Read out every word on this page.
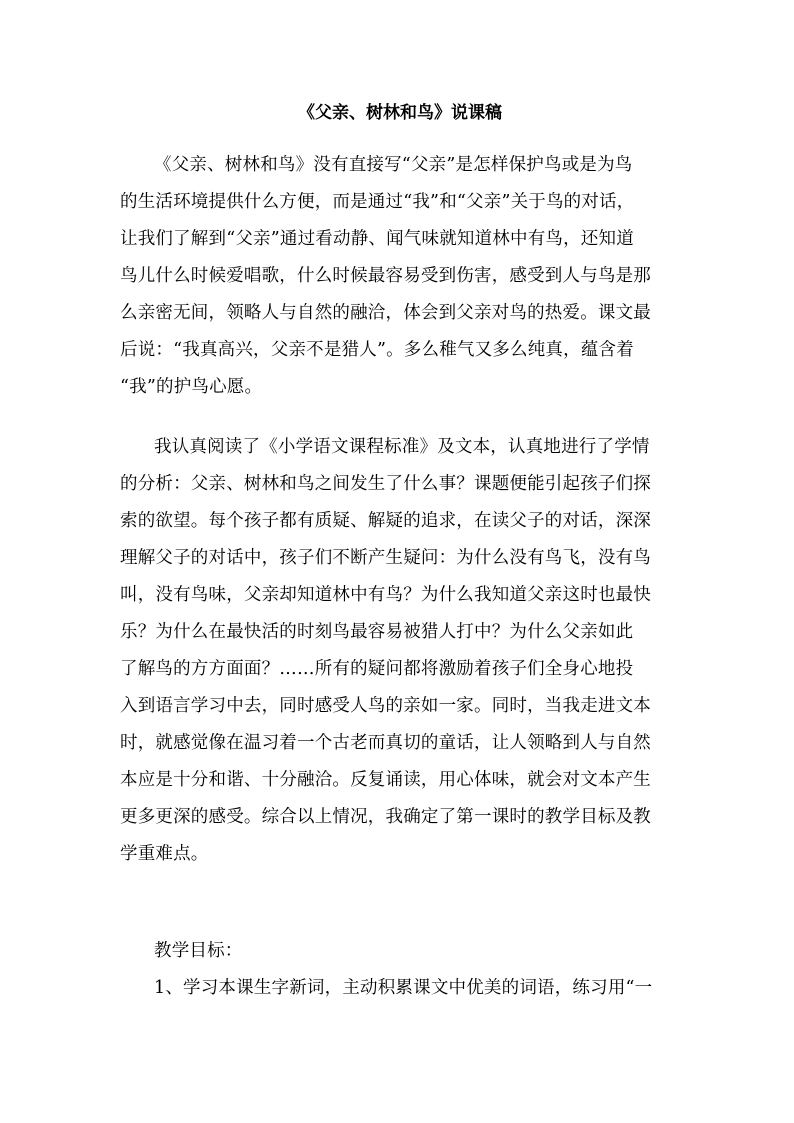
《父亲、树林和鸟》说课稿
《父亲、树林和鸟》没有直接写“父亲”是怎样保护鸟或是为鸟
的生活环境提供什么方便，而是通过“我”和“父亲”关于鸟的对话，
让我们了解到“父亲”通过看动静、闻气味就知道林中有鸟，还知道
鸟儿什么时候爱唱歌，什么时候最容易受到伤害，感受到人与鸟是那
么亲密无间，领略人与自然的融洽，体会到父亲对鸟的热爱。课文最
后说：“我真高兴，父亲不是猎人”。多么稚气又多么纯真，蕴含着
“我”的护鸟心愿。
我认真阅读了《小学语文课程标准》及文本，认真地进行了学情
的分析：父亲、树林和鸟之间发生了什么事？课题便能引起孩子们探
索的欲望。每个孩子都有质疑、解疑的追求，在读父子的对话，深深
理解父子的对话中，孩子们不断产生疑问：为什么没有鸟飞，没有鸟
叫，没有鸟味，父亲却知道林中有鸟？为什么我知道父亲这时也最快
乐？为什么在最快活的时刻鸟最容易被猎人打中？为什么父亲如此
了解鸟的方方面面？……所有的疑问都将激励着孩子们全身心地投
入到语言学习中去，同时感受人鸟的亲如一家。同时，当我走进文本
时，就感觉像在温习着一个古老而真切的童话，让人领略到人与自然
本应是十分和谐、十分融洽。反复诵读，用心体味，就会对文本产生
更多更深的感受。综合以上情况，我确定了第一课时的教学目标及教
学重难点。
教学目标：
1、学习本课生字新词，主动积累课文中优美的词语，练习用“一
